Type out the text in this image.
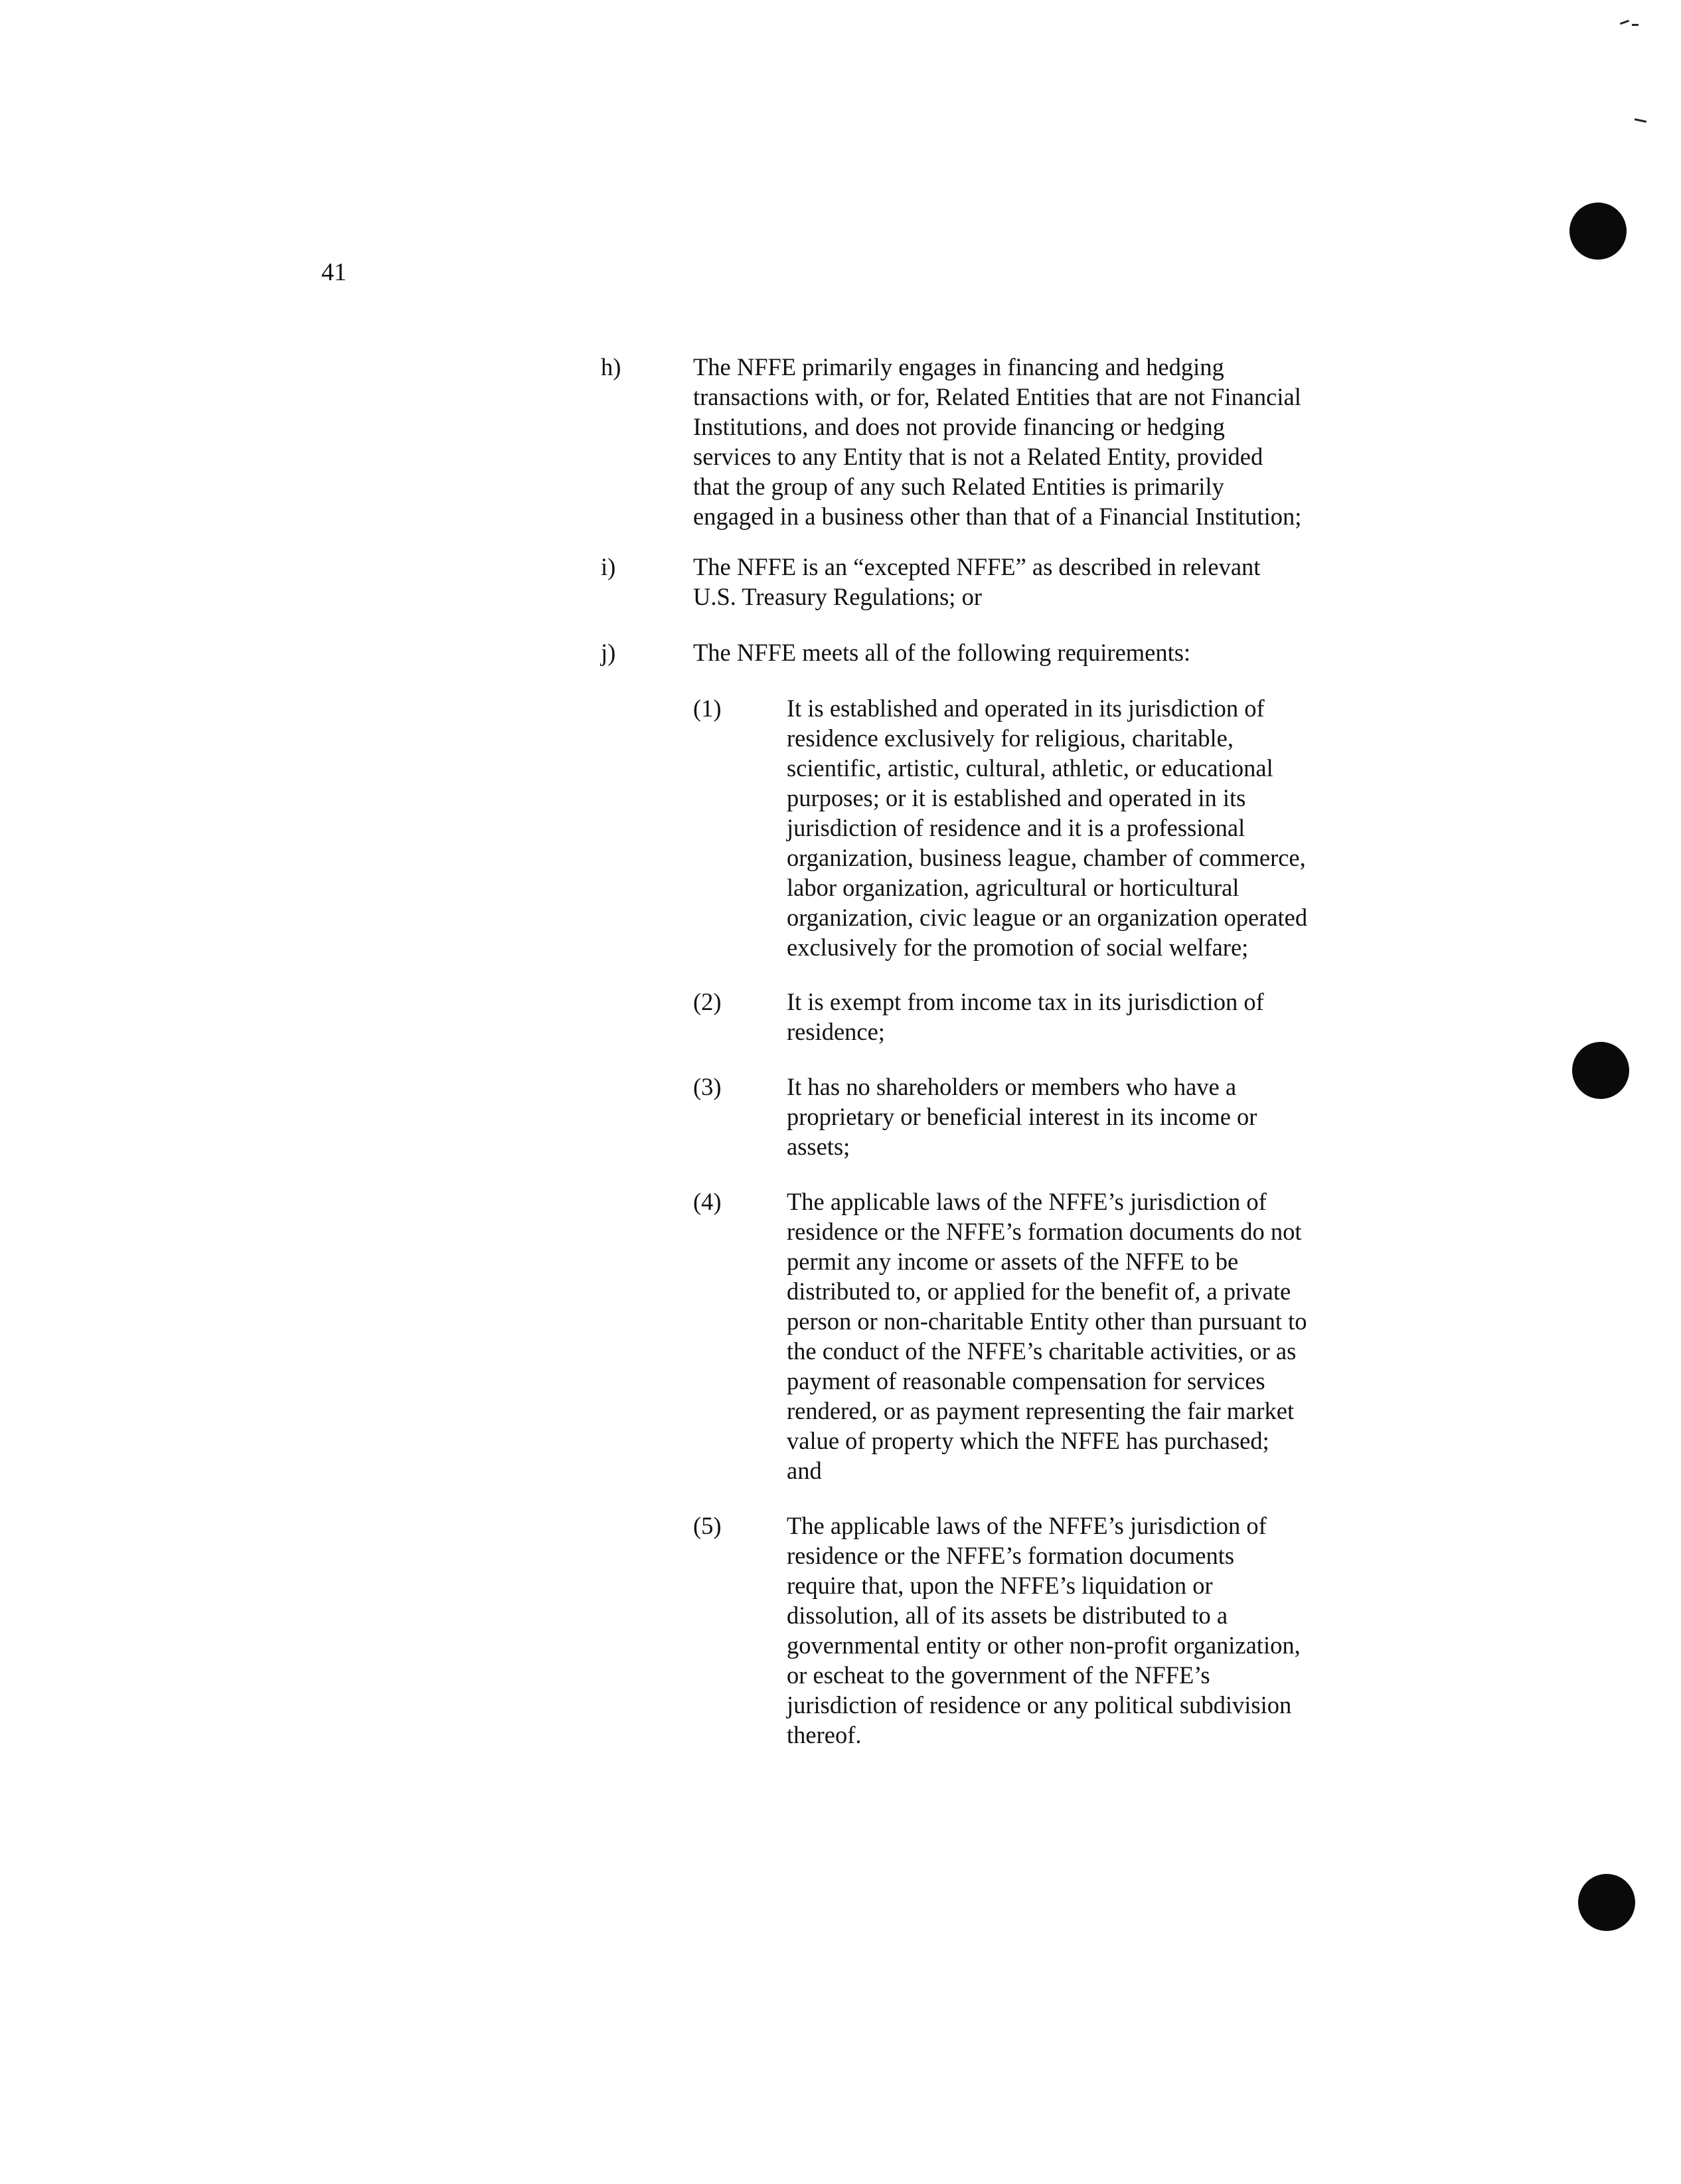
41
h)	The NFFE primarily engages in financing and hedging
transactions with, or for, Related Entities that are not Financial
Institutions, and does not provide financing or hedging
services to any Entity that is not a Related Entity, provided
that the group of any such Related Entities is primarily
engaged in a business other than that of a Financial Institution;
i)	The NFFE is an “excepted NFFE” as described in relevant
U.S. Treasury Regulations; or
j)	The NFFE meets all of the following requirements:
(1)	It is established and operated in its jurisdiction of
residence exclusively for religious, charitable,
scientific, artistic, cultural, athletic, or educational
purposes; or it is established and operated in its
jurisdiction of residence and it is a professional
organization, business league, chamber of commerce,
labor organization, agricultural or horticultural
organization, civic league or an organization operated
exclusively for the promotion of social welfare;
(2)	It is exempt from income tax in its jurisdiction of
residence;
(3)	It has no shareholders or members who have a
proprietary or beneficial interest in its income or
assets;
(4)	The applicable laws of the NFFE’s jurisdiction of
residence or the NFFE’s formation documents do not
permit any income or assets of the NFFE to be
distributed to, or applied for the benefit of, a private
person or non-charitable Entity other than pursuant to
the conduct of the NFFE’s charitable activities, or as
payment of reasonable compensation for services
rendered, or as payment representing the fair market
value of property which the NFFE has purchased;
and
(5)	The applicable laws of the NFFE’s jurisdiction of
residence or the NFFE’s formation documents
require that, upon the NFFE’s liquidation or
dissolution, all of its assets be distributed to a
governmental entity or other non-profit organization,
or escheat to the government of the NFFE’s
jurisdiction of residence or any political subdivision
thereof.
